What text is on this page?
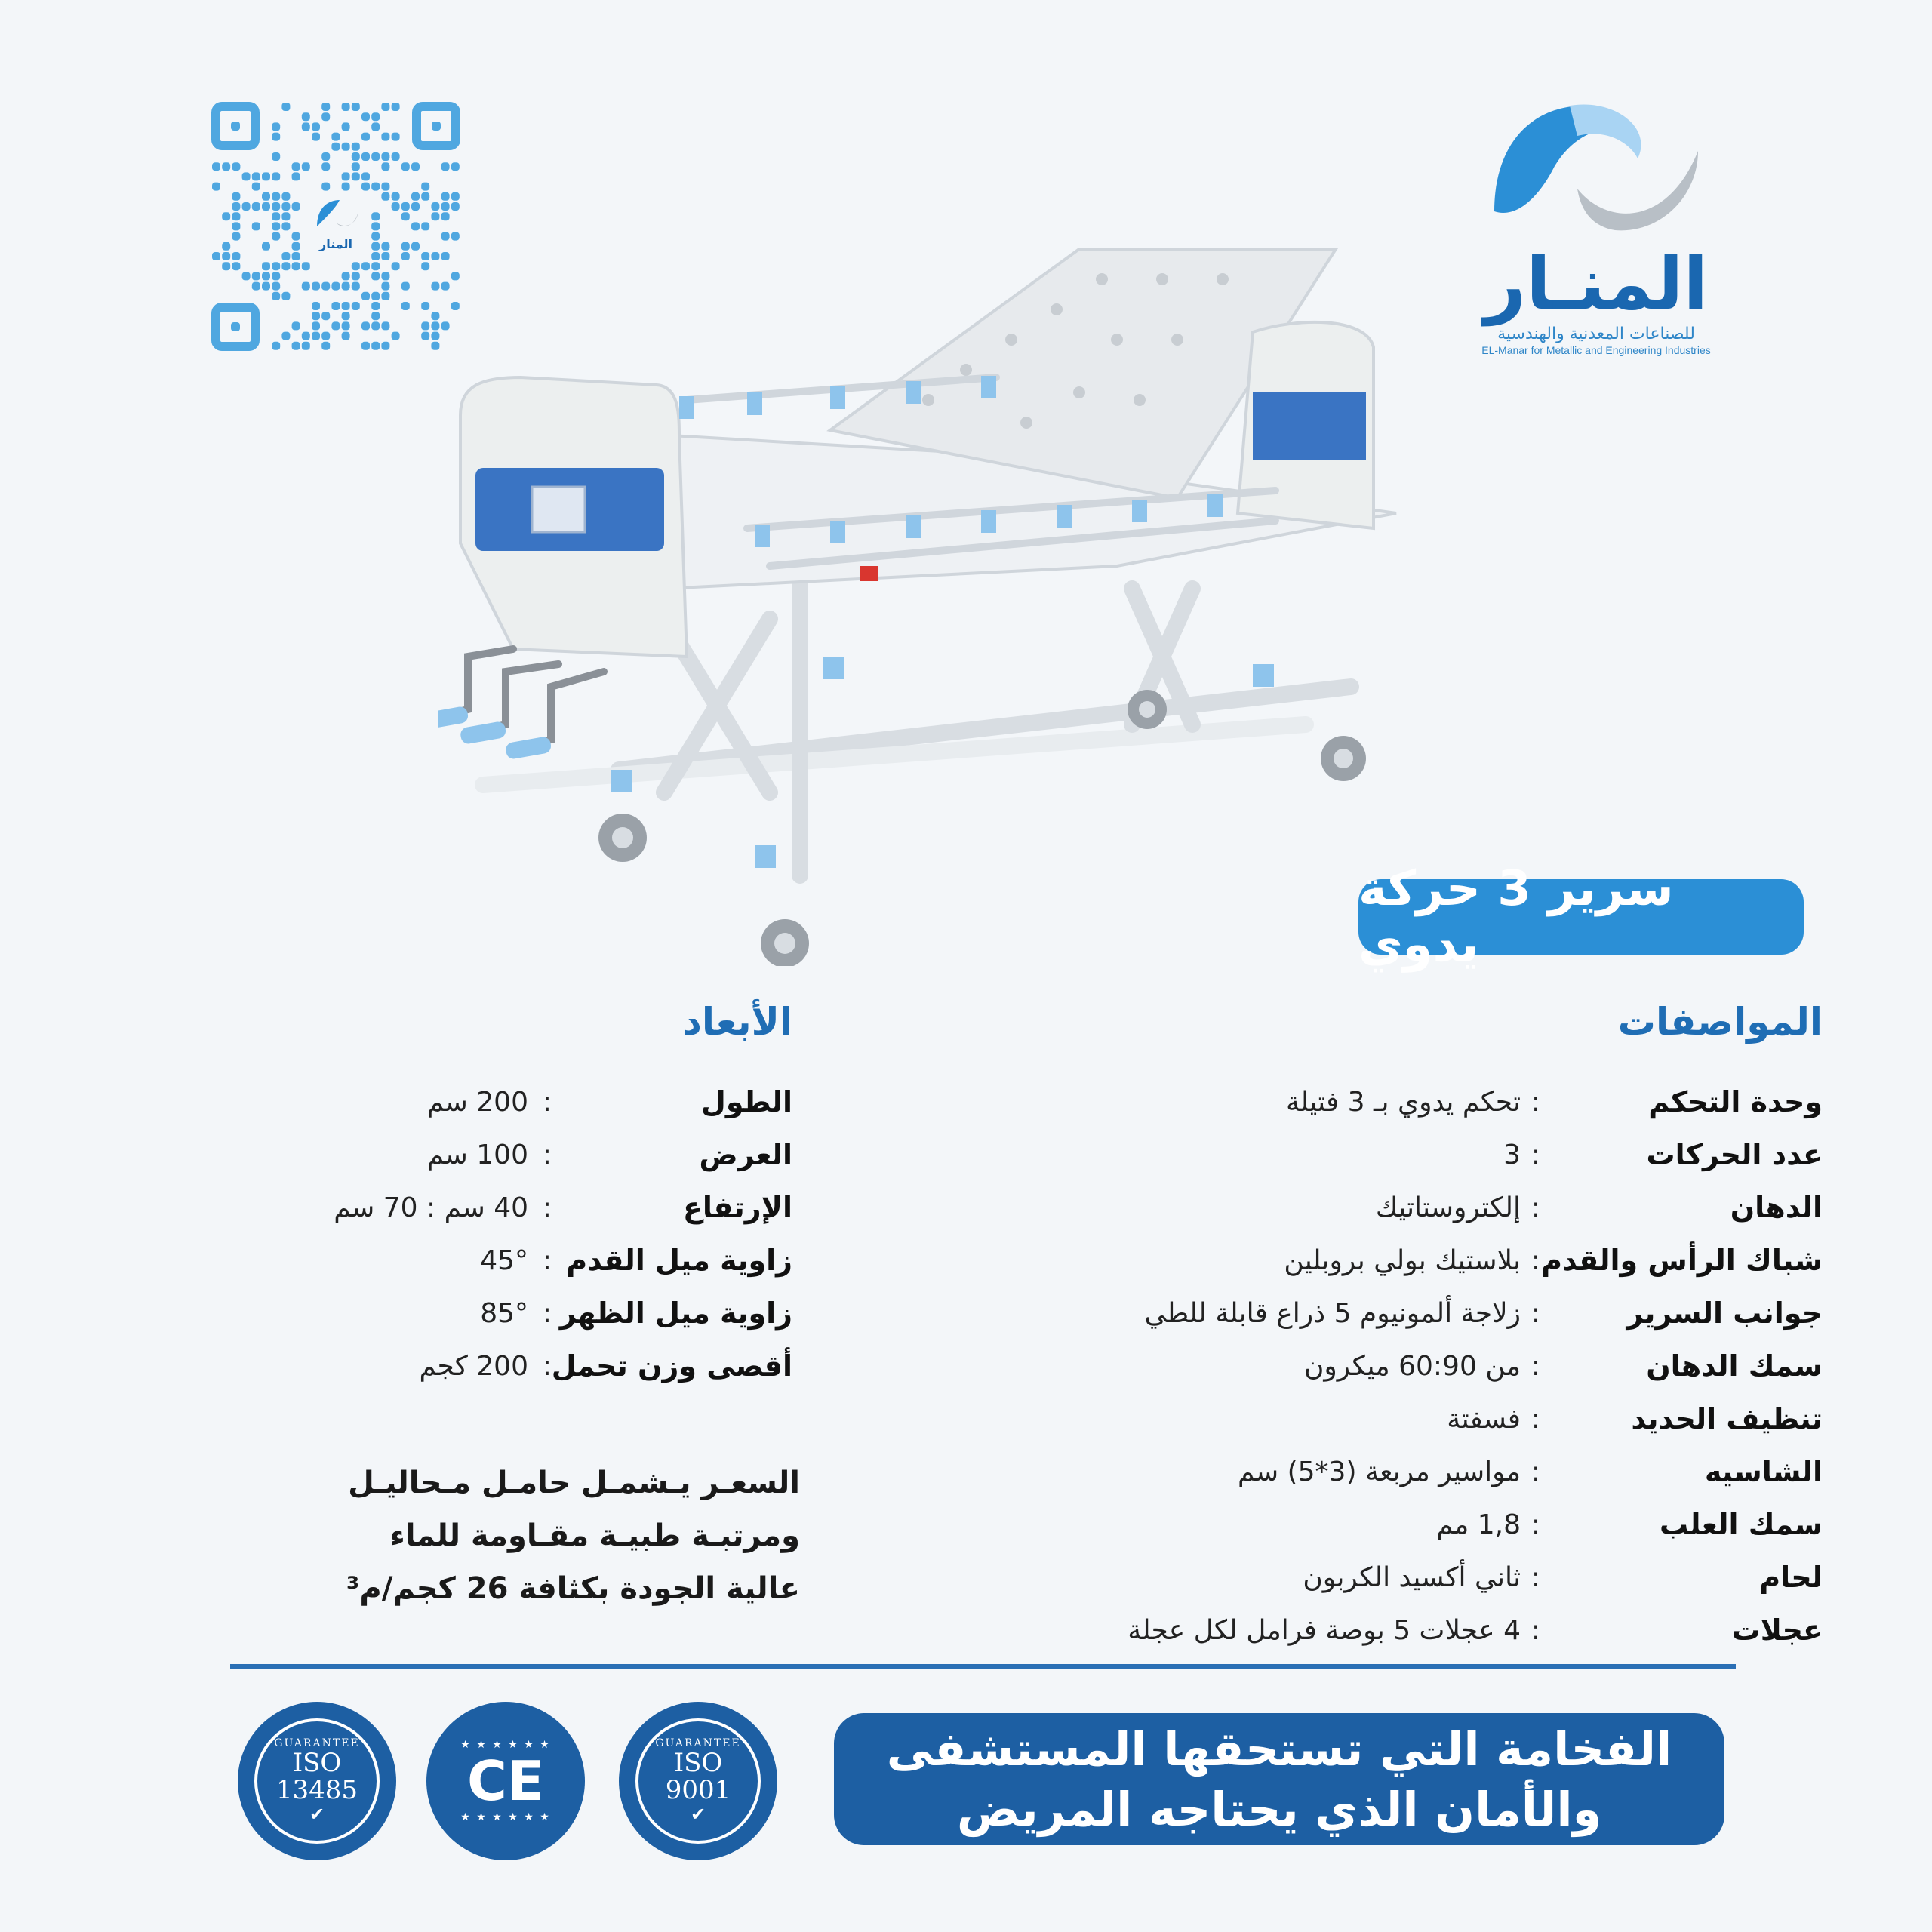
المنـار
للصناعات المعدنية والهندسية
EL-Manar for Metallic and Engineering Industries
المنار
سرير 3 حركة يدوي
المواصفات
وحدة التحكم
:
تحكم يدوي بـ 3 فتيلة
عدد الحركات
:
3
الدهان
:
إلكتروستاتيك
شباك الرأس والقدم
:
بلاستيك بولي بروبلين
جوانب السرير
:
زلاجة ألمونيوم 5 ذراع قابلة للطي
سمك الدهان
:
من 60:90 ميكرون
تنظيف الحديد
:
فسفتة
الشاسيه
:
مواسير مربعة (3*5) سم
سمك العلب
:
1,8 مم
لحام
:
ثاني أكسيد الكربون
عجلات
:
4 عجلات 5 بوصة فرامل لكل عجلة
الأبعاد
الطول
:
200 سم
العرض
:
100 سم
الإرتفاع
:
40 سم : 70 سم
زاوية ميل القدم
:
45°
زاوية ميل الظهر
:
85°
أقصى وزن تحمل
:
200 كجم
السعـر يـشمـل حامـل مـحاليـل
ومرتبـة طبيـة مقـاومة للماء
عالية الجودة بكثافة 26 كجم/م³
الفخامة التي تستحقها المستشفى
والأمان الذي يحتاجه المريض
GUARANTEE
ISO
9001
✔
★ ★ ★ ★ ★ ★
CE
★ ★ ★ ★ ★ ★
GUARANTEE
ISO
13485
✔
